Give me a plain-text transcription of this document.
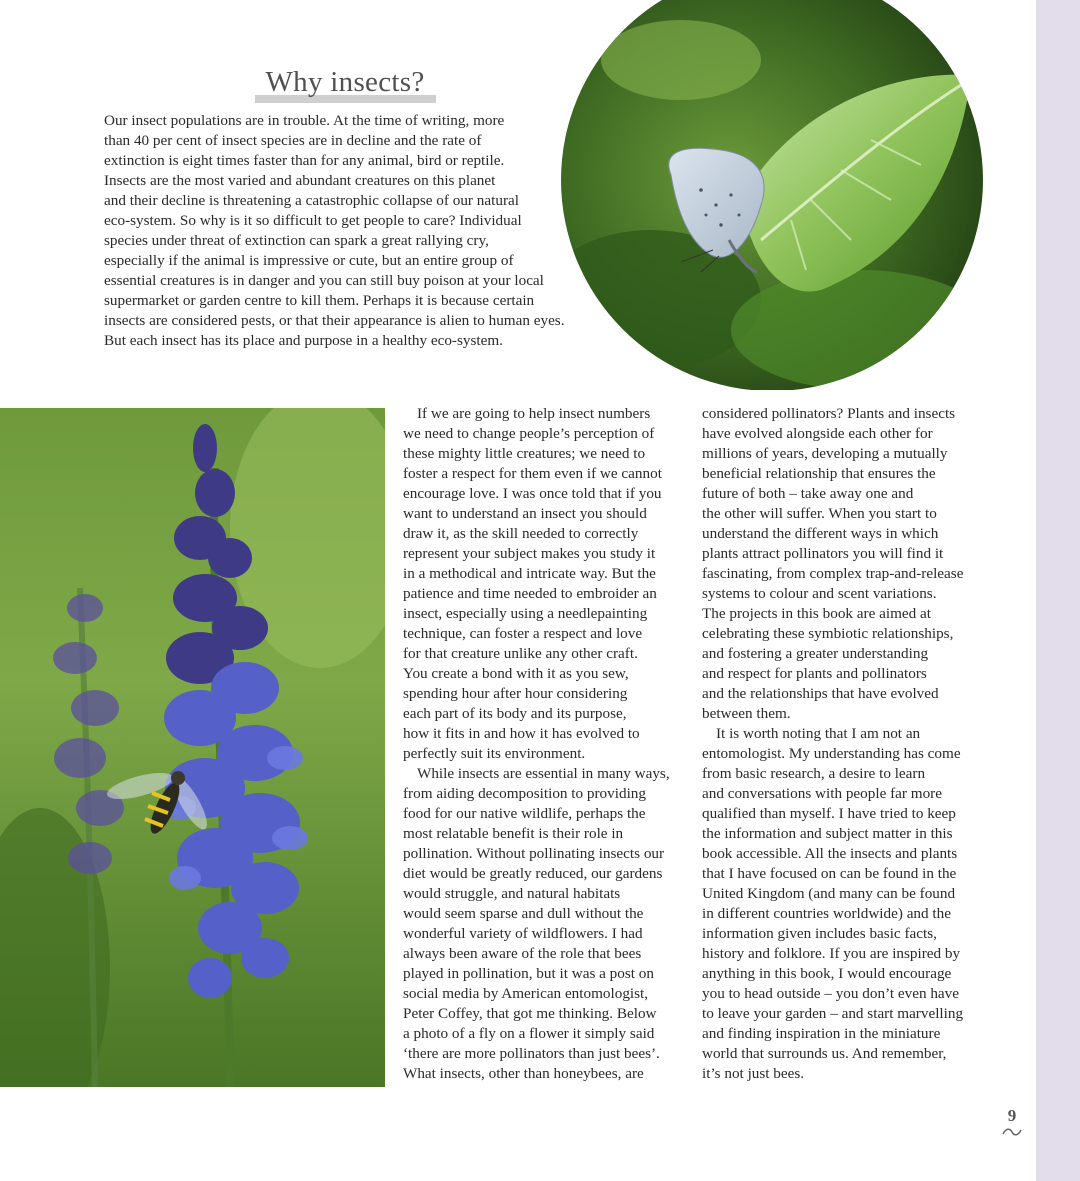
Why insects?
Our insect populations are in trouble. At the time of writing, more
than 40 per cent of insect species are in decline and the rate of
extinction is eight times faster than for any animal, bird or reptile.
Insects are the most varied and abundant creatures on this planet
and their decline is threatening a catastrophic collapse of our natural
eco-system. So why is it so difficult to get people to care? Individual
species under threat of extinction can spark a great rallying cry,
especially if the animal is impressive or cute, but an entire group of
essential creatures is in danger and you can still buy poison at your local
supermarket or garden centre to kill them. Perhaps it is because certain
insects are considered pests, or that their appearance is alien to human eyes.
But each insect has its place and purpose in a healthy eco-system.
If we are going to help insect numbers
we need to change people’s perception of
these mighty little creatures; we need to
foster a respect for them even if we cannot
encourage love. I was once told that if you
want to understand an insect you should
draw it, as the skill needed to correctly
represent your subject makes you study it
in a methodical and intricate way. But the
patience and time needed to embroider an
insect, especially using a needlepainting
technique, can foster a respect and love
for that creature unlike any other craft.
You create a bond with it as you sew,
spending hour after hour considering
each part of its body and its purpose,
how it fits in and how it has evolved to
perfectly suit its environment.
While insects are essential in many ways,
from aiding decomposition to providing
food for our native wildlife, perhaps the
most relatable benefit is their role in
pollination. Without pollinating insects our
diet would be greatly reduced, our gardens
would struggle, and natural habitats
would seem sparse and dull without the
wonderful variety of wildflowers. I had
always been aware of the role that bees
played in pollination, but it was a post on
social media by American entomologist,
Peter Coffey, that got me thinking. Below
a photo of a fly on a flower it simply said
‘there are more pollinators than just bees’.
What insects, other than honeybees, are
considered pollinators? Plants and insects
have evolved alongside each other for
millions of years, developing a mutually
beneficial relationship that ensures the
future of both – take away one and
the other will suffer. When you start to
understand the different ways in which
plants attract pollinators you will find it
fascinating, from complex trap-and-release
systems to colour and scent variations.
The projects in this book are aimed at
celebrating these symbiotic relationships,
and fostering a greater understanding
and respect for plants and pollinators
and the relationships that have evolved
between them.
It is worth noting that I am not an
entomologist. My understanding has come
from basic research, a desire to learn
and conversations with people far more
qualified than myself. I have tried to keep
the information and subject matter in this
book accessible. All the insects and plants
that I have focused on can be found in the
United Kingdom (and many can be found
in different countries worldwide) and the
information given includes basic facts,
history and folklore. If you are inspired by
anything in this book, I would encourage
you to head outside – you don’t even have
to leave your garden – and start marvelling
and finding inspiration in the miniature
world that surrounds us. And remember,
it’s not just bees.
9
